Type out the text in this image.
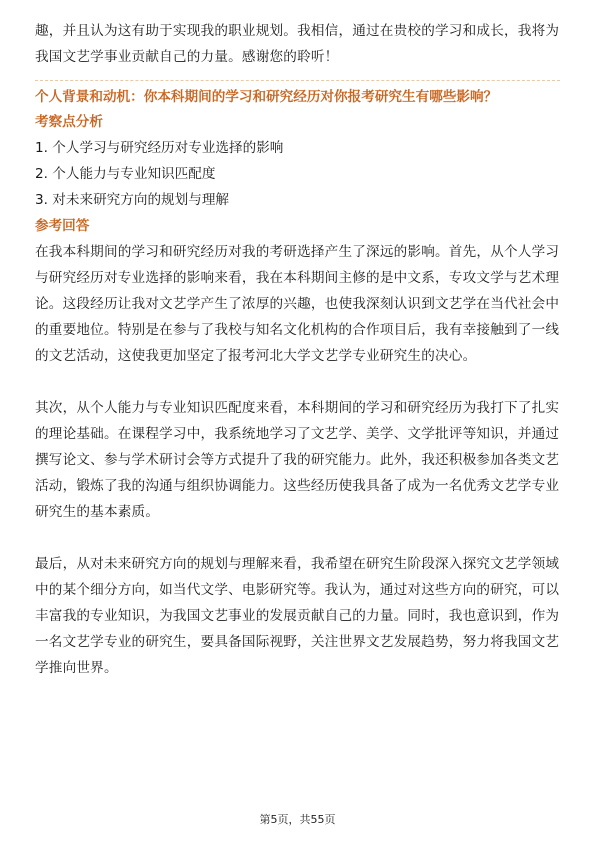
趣，并且认为这有助于实现我的职业规划。我相信，通过在贵校的学习和成长，我将为我国文艺学事业贡献自己的力量。感谢您的聆听！

个人背景和动机：你本科期间的学习和研究经历对你报考研究生有哪些影响？

考察点分析

1. 个人学习与研究经历对专业选择的影响

2. 个人能力与专业知识匹配度

3. 对未来研究方向的规划与理解

参考回答

在我本科期间的学习和研究经历对我的考研选择产生了深远的影响。首先，从个人学习与研究经历对专业选择的影响来看，我在本科期间主修的是中文系，专攻文学与艺术理论。这段经历让我对文艺学产生了浓厚的兴趣，也使我深刻认识到文艺学在当代社会中的重要地位。特别是在参与了我校与知名文化机构的合作项目后，我有幸接触到了一线的文艺活动，这使我更加坚定了报考河北大学文艺学专业研究生的决心。

其次，从个人能力与专业知识匹配度来看，本科期间的学习和研究经历为我打下了扎实的理论基础。在课程学习中，我系统地学习了文艺学、美学、文学批评等知识，并通过撰写论文、参与学术研讨会等方式提升了我的研究能力。此外，我还积极参加各类文艺活动，锻炼了我的沟通与组织协调能力。这些经历使我具备了成为一名优秀文艺学专业研究生的基本素质。

最后，从对未来研究方向的规划与理解来看，我希望在研究生阶段深入探究文艺学领域中的某个细分方向，如当代文学、电影研究等。我认为，通过对这些方向的研究，可以丰富我的专业知识，为我国文艺事业的发展贡献自己的力量。同时，我也意识到，作为一名文艺学专业的研究生，要具备国际视野，关注世界文艺发展趋势，努力将我国文艺学推向世界。

第5页，共55页
